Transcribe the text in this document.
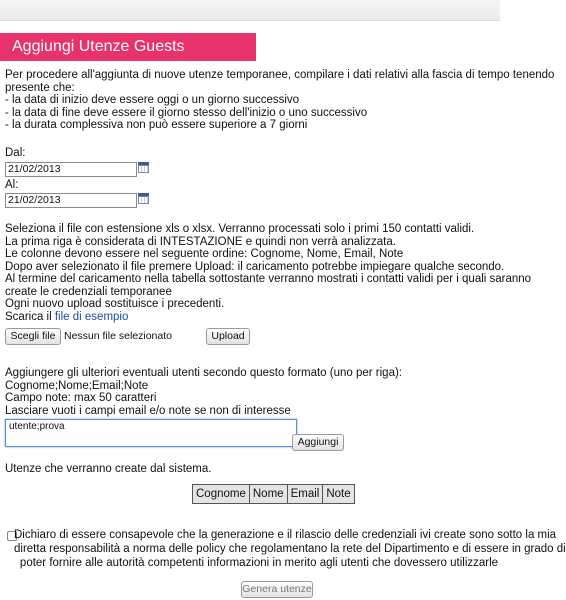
Aggiungi Utenze Guests
Per procedere all'aggiunta di nuove utenze temporanee, compilare i dati relativi alla fascia di tempo tenendo
presente che:
- la data di inizio deve essere oggi o un giorno successivo
- la data di fine deve essere il giorno stesso dell'inizio o uno successivo
- la durata complessiva non può essere superiore a 7 giorni
Dal:
21/02/2013
Al:
21/02/2013
Seleziona il file con estensione xls o xlsx. Verranno processati solo i primi 150 contatti validi.
La prima riga è considerata di INTESTAZIONE e quindi non verrà analizzata.
Le colonne devono essere nel seguente ordine: Cognome, Nome, Email, Note
Dopo aver selezionato il file premere Upload: il caricamento potrebbe impiegare qualche secondo.
Al termine del caricamento nella tabella sottostante verranno mostrati i contatti validi per i quali saranno
create le credenziali temporanee
Ogni nuovo upload sostituisce i precedenti.
Scarica il file di esempio
Scegli file Nessun file selezionato	Upload
Aggiungere gli ulteriori eventuali utenti secondo questo formato (uno per riga):
Cognome;Nome;Email;Note
Campo note: max 50 caratteri
Lasciare vuoti i campi email e/o note se non di interesse
utente;prova
Aggiungi
Utenze che verranno create dal sistema.
Cognome	Nome	Email	Note
Dichiaro di essere consapevole che la generazione e il rilascio delle credenziali ivi create sono sotto la mia
diretta responsabilità a norma delle policy che regolamentano la rete del Dipartimento e di essere in grado di
poter fornire alle autorità competenti informazioni in merito agli utenti che dovessero utilizzarle
Genera utenze
